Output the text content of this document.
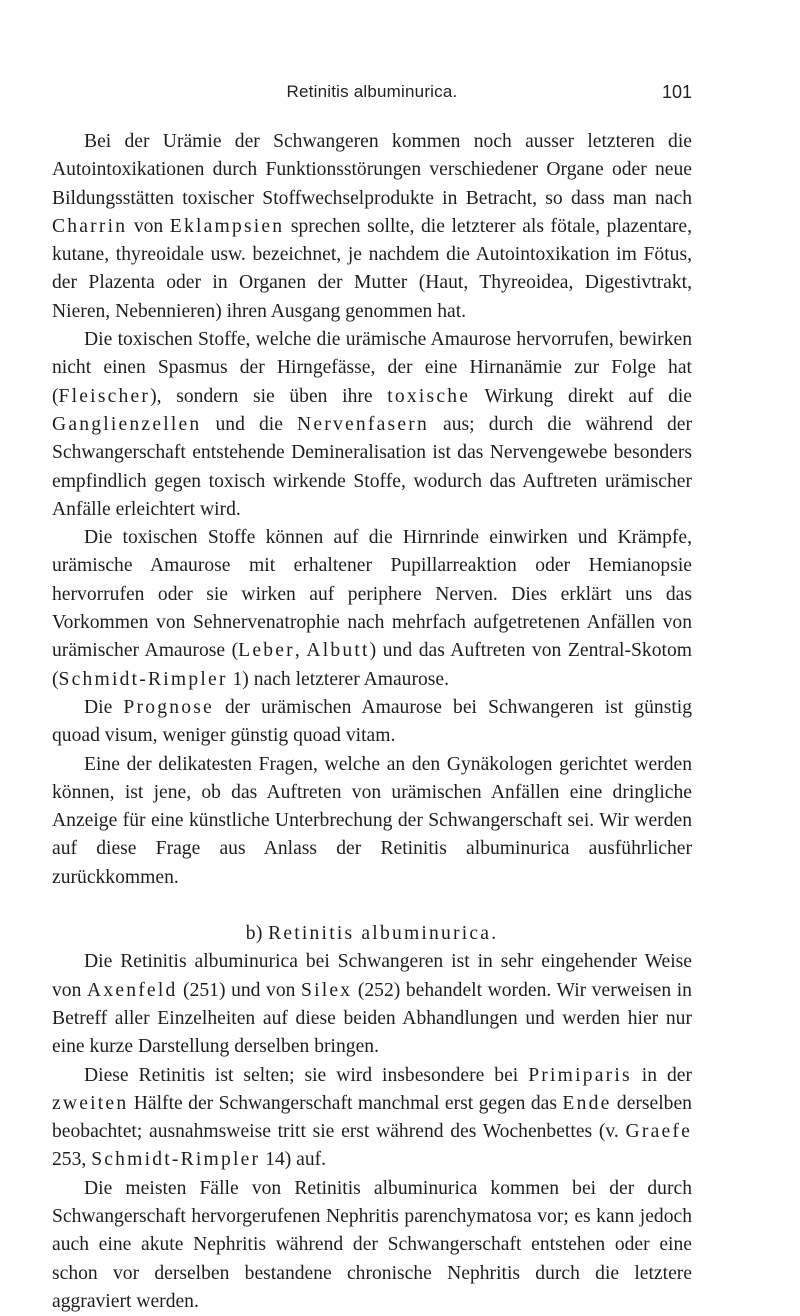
Retinitis albuminurica.	101

Bei der Urämie der Schwangeren kommen noch ausser letzteren die Autointoxikationen durch Funktionsstörungen verschiedener Organe oder neue Bildungsstätten toxischer Stoffwechselprodukte in Betracht, so dass man nach Charrin von Eklampsien sprechen sollte, die letzterer als fötale, plazentare, kutane, thyreoidale usw. bezeichnet, je nachdem die Autointoxikation im Fötus, der Plazenta oder in Organen der Mutter (Haut, Thyreoidea, Digestivtrakt, Nieren, Nebennieren) ihren Ausgang genommen hat.

Die toxischen Stoffe, welche die urämische Amaurose hervorrufen, bewirken nicht einen Spasmus der Hirngefässe, der eine Hirnanämie zur Folge hat (Fleischer), sondern sie üben ihre toxische Wirkung direkt auf die Ganglienzellen und die Nervenfasern aus; durch die während der Schwangerschaft entstehende Demineralisation ist das Nervengewebe besonders empfindlich gegen toxisch wirkende Stoffe, wodurch das Auftreten urämischer Anfälle erleichtert wird.

Die toxischen Stoffe können auf die Hirnrinde einwirken und Krämpfe, urämische Amaurose mit erhaltener Pupillarreaktion oder Hemianopsie hervorrufen oder sie wirken auf periphere Nerven. Dies erklärt uns das Vorkommen von Sehnervenatrophie nach mehrfach aufgetretenen Anfällen von urämischer Amaurose (Leber, Albutt) und das Auftreten von Zentral-Skotom (Schmidt-Rimpler 1) nach letzterer Amaurose.

Die Prognose der urämischen Amaurose bei Schwangeren ist günstig quoad visum, weniger günstig quoad vitam.

Eine der delikatesten Fragen, welche an den Gynäkologen gerichtet werden können, ist jene, ob das Auftreten von urämischen Anfällen eine dringliche Anzeige für eine künstliche Unterbrechung der Schwangerschaft sei. Wir werden auf diese Frage aus Anlass der Retinitis albuminurica ausführlicher zurückkommen.

b) Retinitis albuminurica.

Die Retinitis albuminurica bei Schwangeren ist in sehr eingehender Weise von Axenfeld (251) und von Silex (252) behandelt worden. Wir verweisen in Betreff aller Einzelheiten auf diese beiden Abhandlungen und werden hier nur eine kurze Darstellung derselben bringen.

Diese Retinitis ist selten; sie wird insbesondere bei Primiparis in der zweiten Hälfte der Schwangerschaft manchmal erst gegen das Ende derselben beobachtet; ausnahmsweise tritt sie erst während des Wochenbettes (v. Graefe 253, Schmidt-Rimpler 14) auf.

Die meisten Fälle von Retinitis albuminurica kommen bei der durch Schwangerschaft hervorgerufenen Nephritis parenchymatosa vor; es kann jedoch auch eine akute Nephritis während der Schwangerschaft entstehen oder eine schon vor derselben bestandene chronische Nephritis durch die letztere aggraviert werden.
